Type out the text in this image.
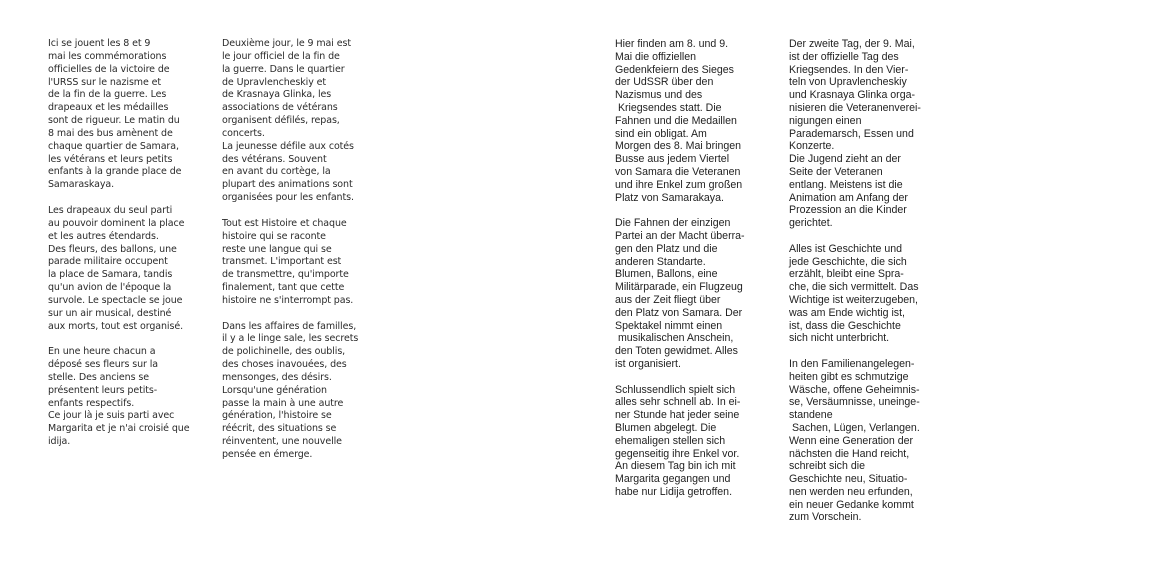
Ici se jouent les 8 et 9
mai les commémorations
officielles de la victoire de
l'URSS sur le nazisme et
de la fin de la guerre. Les
drapeaux et les médailles
sont de rigueur. Le matin du
8 mai des bus amènent de
chaque quartier de Samara,
les vétérans et leurs petits
enfants à la grande place de
Samaraskaya.
Les drapeaux du seul parti
au pouvoir dominent la place
et les autres étendards.
Des fleurs, des ballons, une
parade militaire occupent
la place de Samara, tandis
qu'un avion de l'époque la
survole. Le spectacle se joue
sur un air musical, destiné
aux morts, tout est organisé.
En une heure chacun a
déposé ses fleurs sur la
stelle. Des anciens se
présentent leurs petits-
enfants respectifs.
Ce jour là je suis parti avec
Margarita et je n'ai croisié que
idija.
Deuxième jour, le 9 mai est
le jour officiel de la fin de
la guerre. Dans le quartier
de Upravlencheskiy et
de Krasnaya Glinka, les
associations de vétérans
organisent défilés, repas,
concerts.
La jeunesse défile aux cotés
des vétérans. Souvent
en avant du cortège, la
plupart des animations sont
organisées pour les enfants.
Tout est Histoire et chaque
histoire qui se raconte
reste une langue qui se
transmet. L'important est
de transmettre, qu'importe
finalement, tant que cette
histoire ne s'interrompt pas.
Dans les affaires de familles,
il y a le linge sale, les secrets
de polichinelle, des oublis,
des choses inavouées, des
mensonges, des désirs.
Lorsqu'une génération
passe la main à une autre
génération, l'histoire se
réécrit, des situations se
réinventent, une nouvelle
pensée en émerge.
Hier finden am 8. und 9.
Mai die offiziellen
Gedenkfeiern des Sieges
der UdSSR über den
Nazismus und des
Kriegsendes statt. Die
Fahnen und die Medaillen
sind ein obligat. Am
Morgen des 8. Mai bringen
Busse aus jedem Viertel
von Samara die Veteranen
und ihre Enkel zum großen
Platz von Samarakaya.
Die Fahnen der einzigen
Partei an der Macht überra-
gen den Platz und die
anderen Standarte.
Blumen, Ballons, eine
Militärparade, ein Flugzeug
aus der Zeit fliegt über
den Platz von Samara. Der
Spektakel nimmt einen
musikalischen Anschein,
den Toten gewidmet. Alles
ist organisiert.
Schlussendlich spielt sich
alles sehr schnell ab. In ei-
ner Stunde hat jeder seine
Blumen abgelegt. Die
ehemaligen stellen sich
gegenseitig ihre Enkel vor.
An diesem Tag bin ich mit
Margarita gegangen und
habe nur Lidija getroffen.
Der zweite Tag, der 9. Mai,
ist der offizielle Tag des
Kriegsendes. In den Vier-
teln von Upravlencheskiy
und Krasnaya Glinka orga-
nisieren die Veteranenverei-
nigungen einen
Parademarsch, Essen und
Konzerte.
Die Jugend zieht an der
Seite der Veteranen
entlang. Meistens ist die
Animation am Anfang der
Prozession an die Kinder
gerichtet.
Alles ist Geschichte und
jede Geschichte, die sich
erzählt, bleibt eine Spra-
che, die sich vermittelt. Das
Wichtige ist weiterzugeben,
was am Ende wichtig ist,
ist, dass die Geschichte
sich nicht unterbricht.
In den Familienangelegen-
heiten gibt es schmutzige
Wäsche, offene Geheimnis-
se, Versäumnisse, uneinge-
standene
Sachen, Lügen, Verlangen.
Wenn eine Generation der
nächsten die Hand reicht,
schreibt sich die
Geschichte neu, Situatio-
nen werden neu erfunden,
ein neuer Gedanke kommt
zum Vorschein.
